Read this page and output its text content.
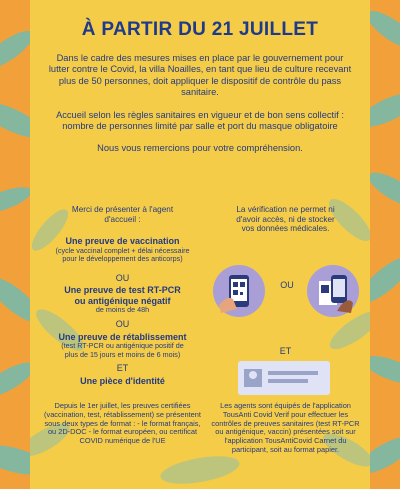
À PARTIR DU 21 JUILLET

Dans le cadre des mesures mises en place par le gouvernement pour lutter contre le Covid, la villa Noailles, en tant que lieu de culture recevant plus de 50 personnes, doit appliquer le dispositif de contrôle du pass sanitaire.

Accueil selon les règles sanitaires en vigueur et de bon sens collectif : nombre de personnes limité par salle et port du masque obligatoire

Nous vous remercions pour votre compréhension.

Merci de présenter à l'agent d'accueil :
Une preuve de vaccination
(cycle vaccinal complet + délai nécessaire pour le développement des anticorps)
OU
Une preuve de test RT-PCR ou antigénique négatif
de moins de 48h
OU
Une preuve de rétablissement
(test RT-PCR ou antigénique positif de plus de 15 jours et moins de 6 mois)
ET
Une pièce d'identité
La vérification ne permet ni d'avoir accès, ni de stocker vos données médicales.
OU
ET
Depuis le 1er juillet, les preuves certifiées (vaccination, test, rétablissement) se présentent sous deux types de format : - le format français, ou 2D-DOC - le format européen, ou certificat COVID numérique de l'UE
Les agents sont équipés de l'application TousAnti Covid Verif pour effectuer les contrôles de preuves sanitaires (test RT-PCR ou antigénique, vaccin) présentées soit sur l'application TousAntiCovid Carnet du participant, soit au format papier.
